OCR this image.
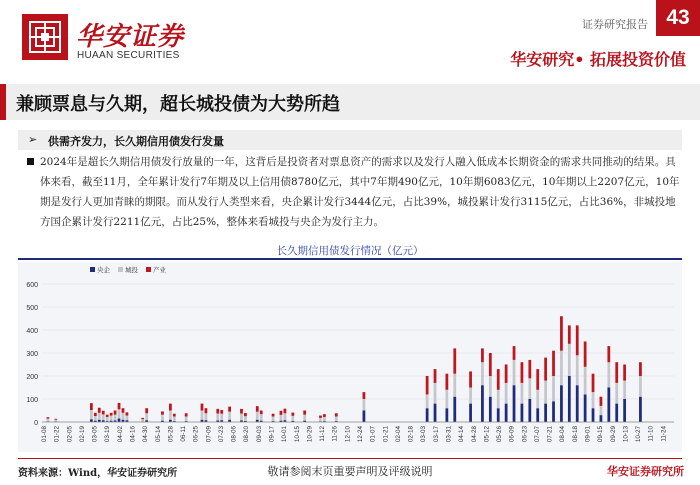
华安证券
HUAAN SECURITIES
证券研究报告 43
华安研究• 拓展投资价值
兼顾票息与久期，超长城投债为大势所趋
➢ 供需齐发力，长久期信用债发行发量
2024年是超长久期信用债发行放量的一年，这背后是投资者对票息资产的需求以及发行人融入低成本长期资金的需求共同推动的结果。具体来看，截至11月，全年累计发行7年期及以上信用债8780亿元，其中7年期490亿元，10年期6083亿元，10年期以上2207亿元，10年期是发行人更加青睐的期限。而从发行人类型来看，央企累计发行3444亿元，占比39%，城投累计发行3115亿元，占比36%，非城投地方国企累计发行2211亿元，占比25%，整体来看城投与央企为发行主力。
长久期信用债发行情况（亿元）
0
100
200
300
400
500
600
央企 城投 产业
01-08 01-22 02-05 02-19 03-05 03-19 04-02 04-16 04-30 05-14 05-28 06-11 06-25 07-09 07-23 08-06 08-20 09-03 09-17 10-01 10-15 10-29 11-12 11-26 12-10 12-24 01-07 01-21 02-04 02-18 03-03 03-17 03-31 04-14 04-28 05-12 05-26 06-09 06-23 07-07 07-21 08-04 08-18 09-01 09-15 09-29 10-13 10-27 11-10 11-24
资料来源：Wind，华安证券研究所	敬请参阅末页重要声明及评级说明	华安证券研究所
